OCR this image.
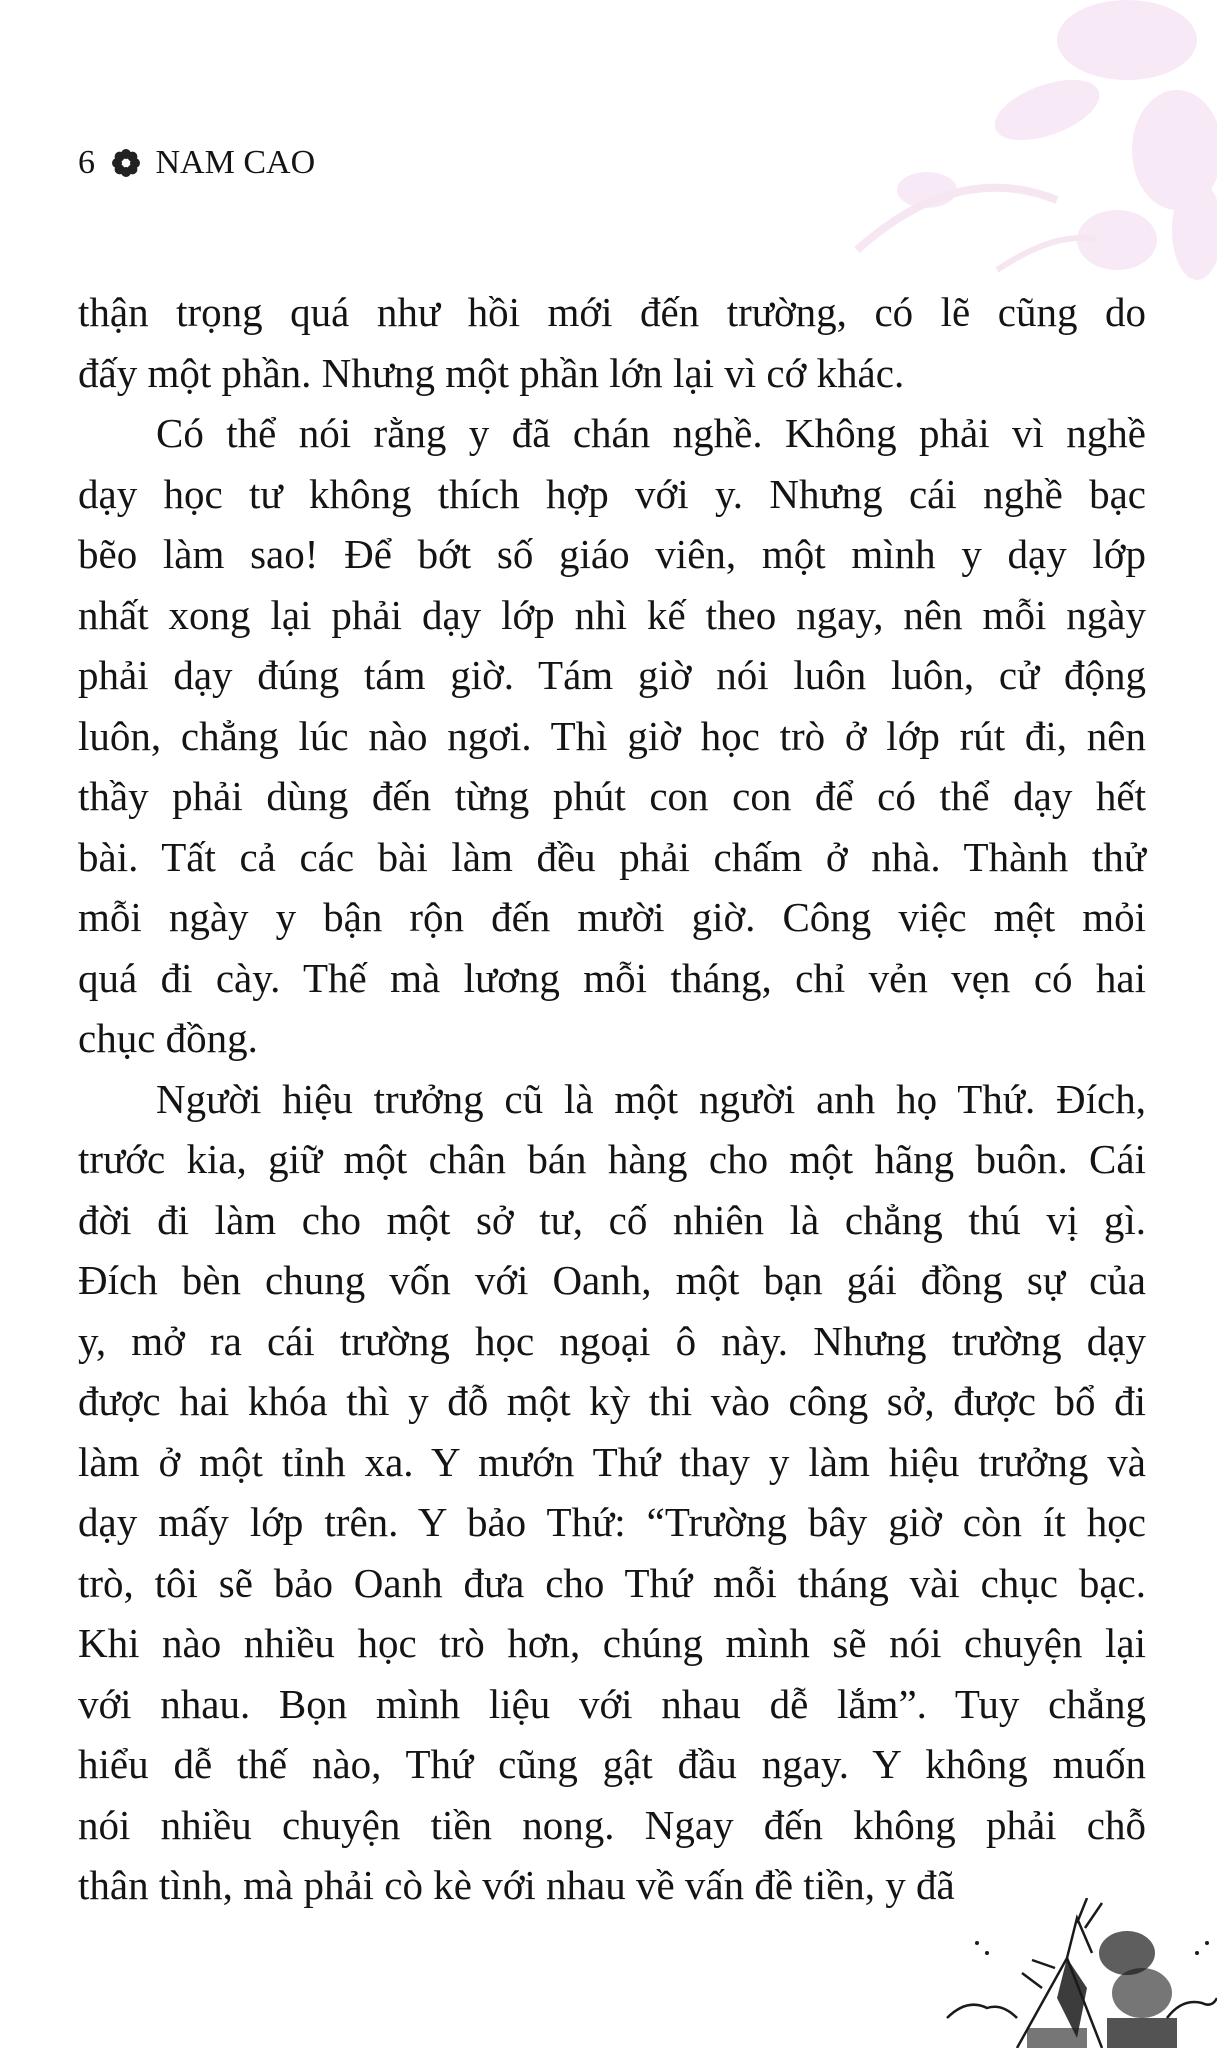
6 NAM CAO

thận trọng quá như hồi mới đến trường, có lẽ cũng do
đấy một phần. Nhưng một phần lớn lại vì cớ khác.
Có thể nói rằng y đã chán nghề. Không phải vì nghề
dạy học tư không thích hợp với y. Nhưng cái nghề bạc
bẽo làm sao! Để bớt số giáo viên, một mình y dạy lớp
nhất xong lại phải dạy lớp nhì kế theo ngay, nên mỗi ngày
phải dạy đúng tám giờ. Tám giờ nói luôn luôn, cử động
luôn, chẳng lúc nào ngơi. Thì giờ học trò ở lớp rút đi, nên
thầy phải dùng đến từng phút con con để có thể dạy hết
bài. Tất cả các bài làm đều phải chấm ở nhà. Thành thử
mỗi ngày y bận rộn đến mười giờ. Công việc mệt mỏi
quá đi cày. Thế mà lương mỗi tháng, chỉ vẻn vẹn có hai
chục đồng.
Người hiệu trưởng cũ là một người anh họ Thứ. Đích,
trước kia, giữ một chân bán hàng cho một hãng buôn. Cái
đời đi làm cho một sở tư, cố nhiên là chẳng thú vị gì.
Đích bèn chung vốn với Oanh, một bạn gái đồng sự của
y, mở ra cái trường học ngoại ô này. Nhưng trường dạy
được hai khóa thì y đỗ một kỳ thi vào công sở, được bổ đi
làm ở một tỉnh xa. Y mướn Thứ thay y làm hiệu trưởng và
dạy mấy lớp trên. Y bảo Thứ: “Trường bây giờ còn ít học
trò, tôi sẽ bảo Oanh đưa cho Thứ mỗi tháng vài chục bạc.
Khi nào nhiều học trò hơn, chúng mình sẽ nói chuyện lại
với nhau. Bọn mình liệu với nhau dễ lắm”. Tuy chẳng
hiểu dễ thế nào, Thứ cũng gật đầu ngay. Y không muốn
nói nhiều chuyện tiền nong. Ngay đến không phải chỗ
thân tình, mà phải cò kè với nhau về vấn đề tiền, y đã
